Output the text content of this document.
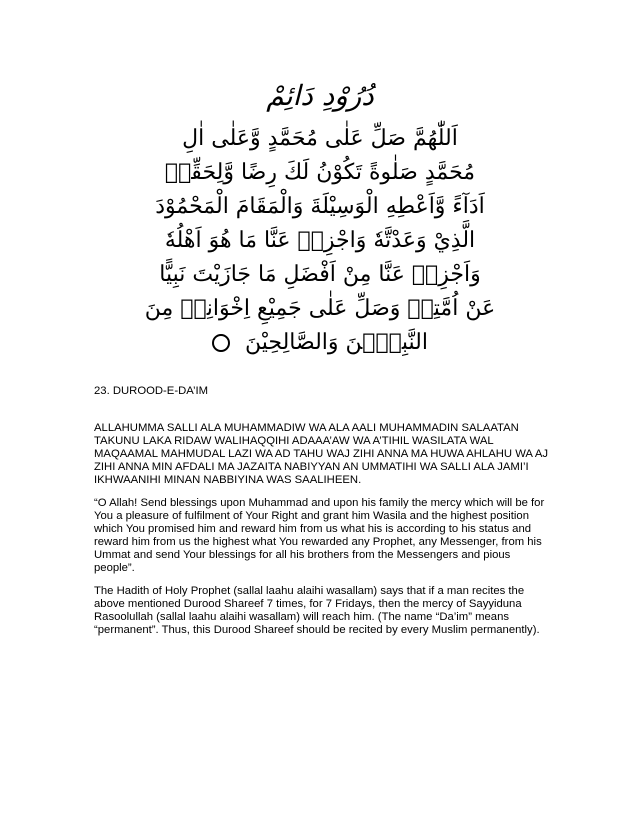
دُرُوْدِ دَائِمْ
اَللّٰهُمَّ صَلِّ عَلٰى مُحَمَّدٍ وَّعَلٰى اٰلِ
مُحَمَّدٍ صَلٰوةً تَكُوْنُ لَكَ رِضًا وَّلِحَقِّهٖ
اَدَآءً وَّاَعْطِهِ الْوَسِيْلَةَ وَالْمَقَامَ الْمَحْمُوْدَ
الَّذِيْ وَعَدْتَّهٗ وَاجْزِهٖ عَنَّا مَا هُوَ اَهْلُهٗ
وَاَجْزِهٖ عَنَّا مِنْ اَفْضَلِ مَا جَازَيْتَ نَبِيًّا
عَنْ اُمَّتِهٖ وَصَلِّ عَلٰى جَمِيْعِ اِخْوَانِهٖ مِنَ
النَّبِيّٖنَ وَالصَّالِحِيْنَ

23. DUROOD-E-DA’IM

ALLAHUMMA SALLI ALA MUHAMMADIW WA ALA AALI MUHAMMADIN SALAATAN TAKUNU LAKA RIDAW WALIHAQQIHI ADAAA’AW WA A’TIHIL WASILATA WAL MAQAAMAL MAHMUDAL LAZI WA AD TAHU WAJ ZIHI ANNA MA HUWA AHLAHU WA AJ ZIHI ANNA MIN AFDALI MA JAZAITA NABIYYAN AN UMMATIHI WA SALLI ALA JAMI’I IKHWAANIHI MINAN NABBIYINA WAS SAALIHEEN.

“O Allah! Send blessings upon Muhammad and upon his family the mercy which will be for You a pleasure of fulfilment of Your Right and grant him Wasila and the highest position which You promised him and reward him from us what his is according to his status and reward him from us the highest what You rewarded any Prophet, any Messenger, from his Ummat and send Your blessings for all his brothers from the Messengers and pious people”.

The Hadith of Holy Prophet (sallal laahu alaihi wasallam) says that if a man recites the above mentioned Durood Shareef 7 times, for 7 Fridays, then the mercy of Sayyiduna Rasoolullah (sallal laahu alaihi wasallam) will reach him. (The name “Da’im” means “permanent”. Thus, this Durood Shareef should be recited by every Muslim permanently).
